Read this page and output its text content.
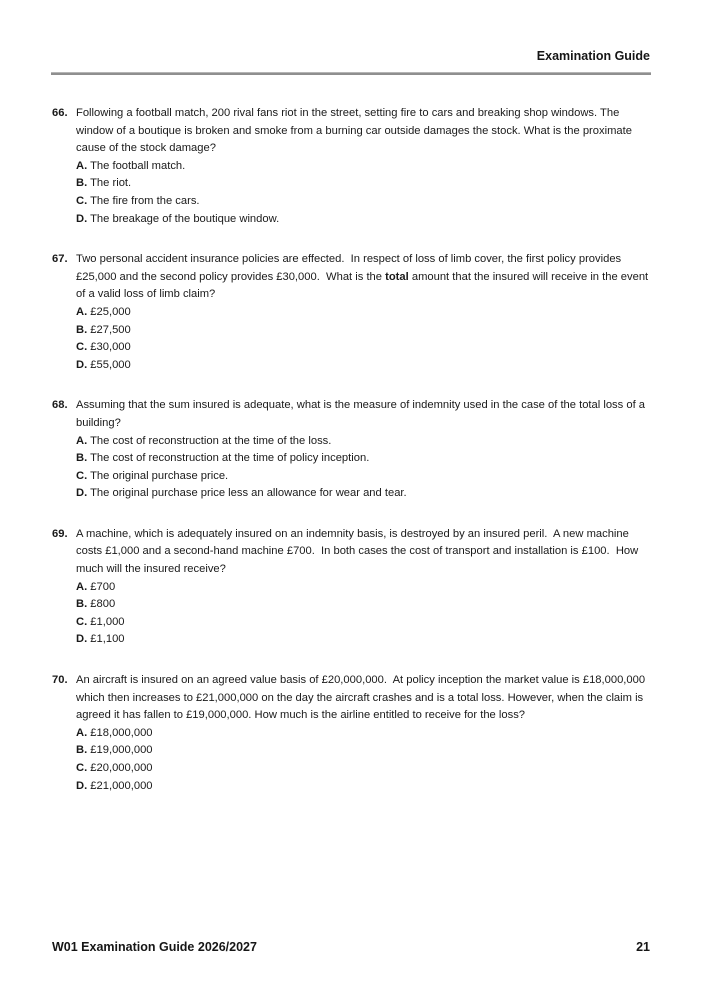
Examination Guide
66. Following a football match, 200 rival fans riot in the street, setting fire to cars and breaking shop windows. The window of a boutique is broken and smoke from a burning car outside damages the stock. What is the proximate cause of the stock damage?
A. The football match.
B. The riot.
C. The fire from the cars.
D. The breakage of the boutique window.
67. Two personal accident insurance policies are effected.  In respect of loss of limb cover, the first policy provides £25,000 and the second policy provides £30,000.  What is the total amount that the insured will receive in the event of a valid loss of limb claim?
A. £25,000
B. £27,500
C. £30,000
D. £55,000
68. Assuming that the sum insured is adequate, what is the measure of indemnity used in the case of the total loss of a building?
A. The cost of reconstruction at the time of the loss.
B. The cost of reconstruction at the time of policy inception.
C. The original purchase price.
D. The original purchase price less an allowance for wear and tear.
69. A machine, which is adequately insured on an indemnity basis, is destroyed by an insured peril.  A new machine costs £1,000 and a second-hand machine £700.  In both cases the cost of transport and installation is £100.  How much will the insured receive?
A. £700
B. £800
C. £1,000
D. £1,100
70. An aircraft is insured on an agreed value basis of £20,000,000.  At policy inception the market value is £18,000,000 which then increases to £21,000,000 on the day the aircraft crashes and is a total loss. However, when the claim is agreed it has fallen to £19,000,000. How much is the airline entitled to receive for the loss?
A. £18,000,000
B. £19,000,000
C. £20,000,000
D. £21,000,000
W01 Examination Guide 2026/2027	21
